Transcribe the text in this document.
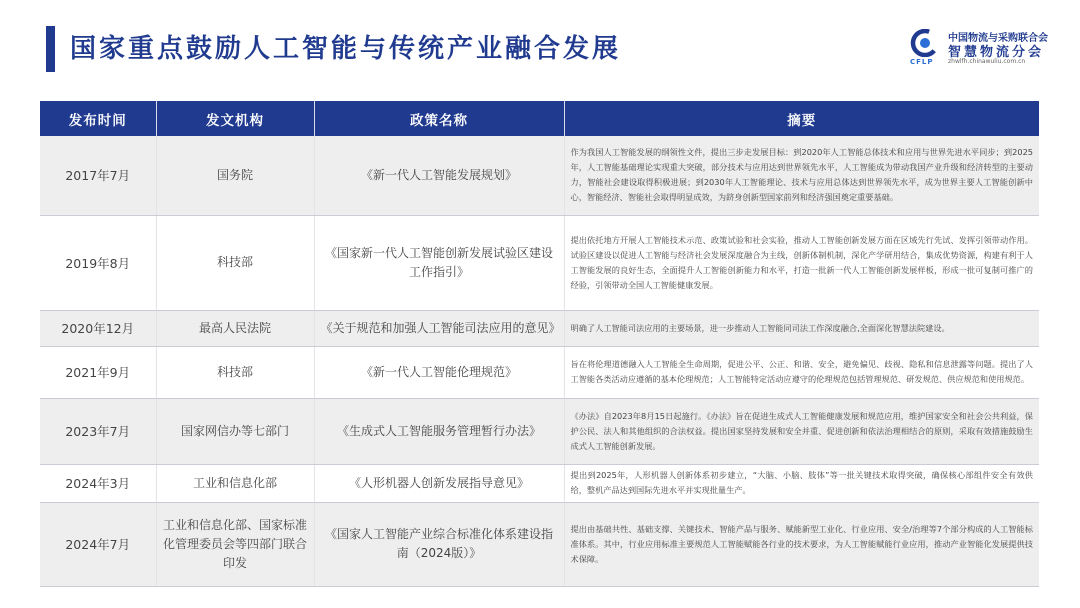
国家重点鼓励人工智能与传统产业融合发展	中国物流与采购联合会
智慧物流分会
CFLP zhwlfh.chinawuliu.com.cn
发布时间	发文机构	政策名称	摘要
2017年7月	国务院	《新一代人工智能发展规划》	作为我国人工智能发展的纲领性文件，提出三步走发展目标：到2020年人工智能总体技术和应用与世界先进水平同步；到2025年，人工智能基础理论实现重大突破，部分技术与应用达到世界领先水平，人工智能成为带动我国产业升级和经济转型的主要动力，智能社会建设取得积极进展；到2030年人工智能理论、技术与应用总体达到世界领先水平，成为世界主要人工智能创新中心，智能经济、智能社会取得明显成效，为跻身创新型国家前列和经济强国奠定重要基础。
2019年8月	科技部	《国家新一代人工智能创新发展试验区建设工作指引》	提出依托地方开展人工智能技术示范、政策试验和社会实验，推动人工智能创新发展方面在区域先行先试、发挥引领带动作用。试验区建设以促进人工智能与经济社会发展深度融合为主线，创新体制机制，深化产学研用结合，集成优势资源，构建有利于人工智能发展的良好生态，全面提升人工智能创新能力和水平，打造一批新一代人工智能创新发展样板，形成一批可复制可推广的经验，引领带动全国人工智能健康发展。
2020年12月	最高人民法院	《关于规范和加强人工智能司法应用的意见》	明确了人工智能司法应用的主要场景，进一步推动人工智能同司法工作深度融合,全面深化智慧法院建设。
2021年9月	科技部	《新一代人工智能伦理规范》	旨在将伦理道德融入人工智能全生命周期，促进公平、公正、和谐、安全，避免偏见、歧视、隐私和信息泄露等问题。提出了人工智能各类活动应遵循的基本伦理规范；人工智能特定活动应遵守的伦理规范包括管理规范、研发规范、供应规范和使用规范。
2023年7月	国家网信办等七部门	《生成式人工智能服务管理暂行办法》	《办法》自2023年8月15日起施行。《办法》旨在促进生成式人工智能健康发展和规范应用，维护国家安全和社会公共利益，保护公民、法人和其他组织的合法权益。提出国家坚持发展和安全并重、促进创新和依法治理相结合的原则，采取有效措施鼓励生成式人工智能创新发展。
2024年3月	工业和信息化部	《人形机器人创新发展指导意见》	提出到2025年，人形机器人创新体系初步建立，“大脑、小脑、肢体”等一批关键技术取得突破，确保核心部组件安全有效供给，整机产品达到国际先进水平并实现批量生产。
2024年7月	工业和信息化部、国家标准化管理委员会等四部门联合印发	《国家人工智能产业综合标准化体系建设指南（2024版）》	提出由基础共性、基础支撑、关键技术、智能产品与服务、赋能新型工业化、行业应用、安全/治理等7个部分构成的人工智能标准体系。其中，行业应用标准主要规范人工智能赋能各行业的技术要求，为人工智能赋能行业应用，推动产业智能化发展提供技术保障。
